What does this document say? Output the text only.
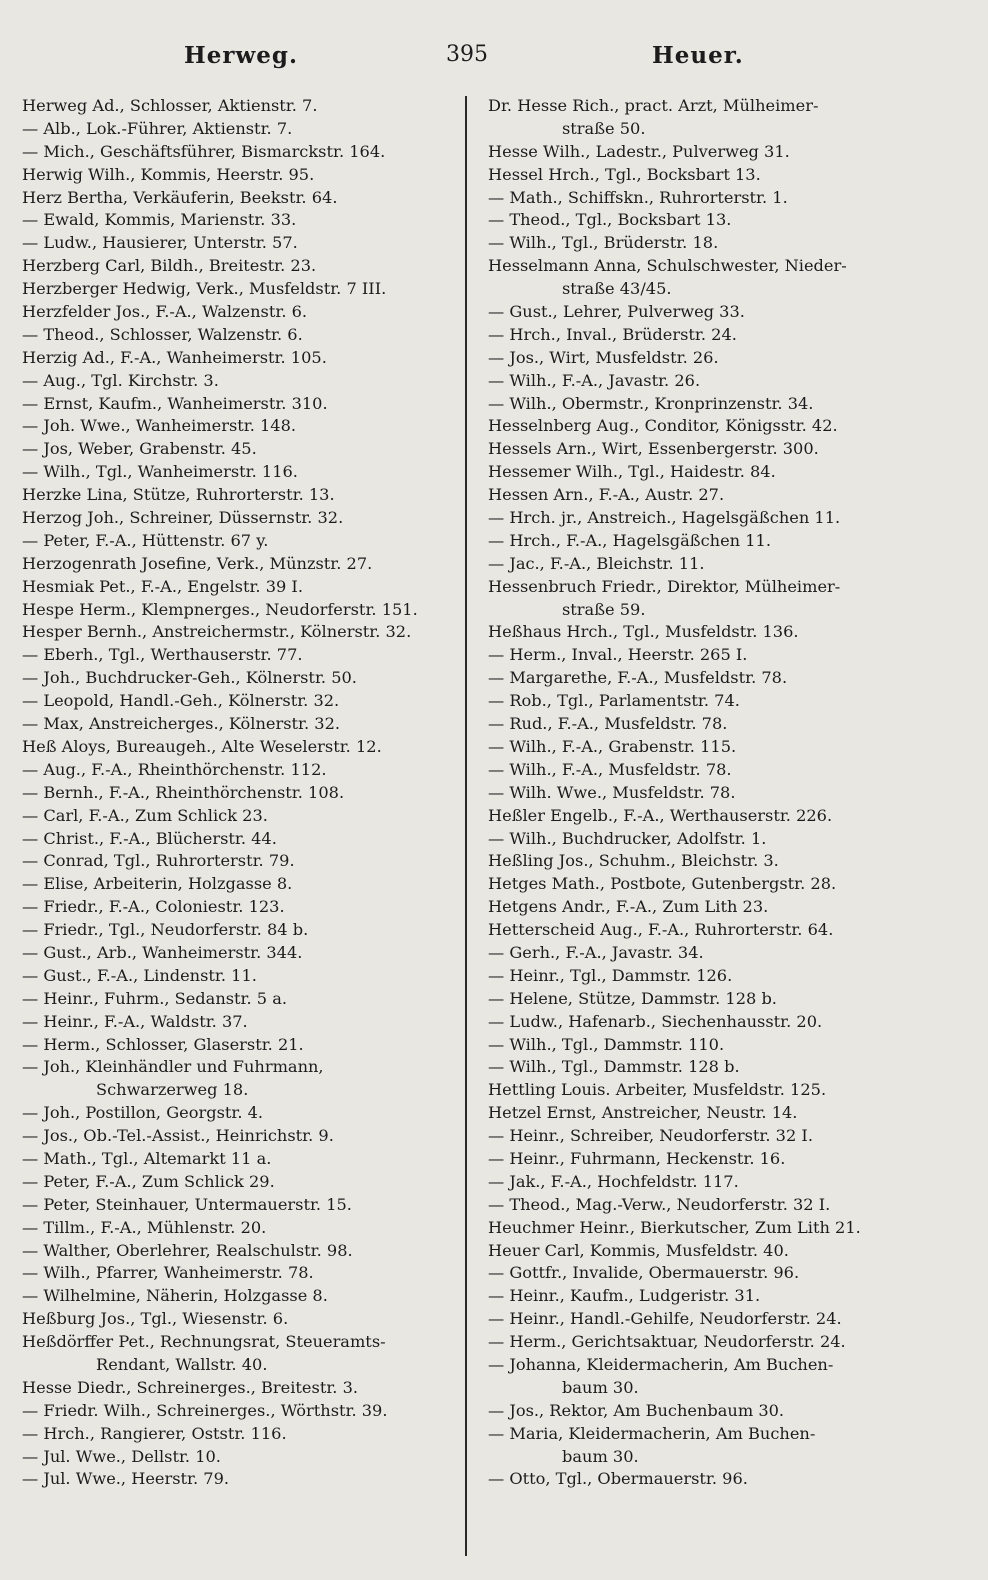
Herweg.	395	Heuer.
Herweg Ad., Schlosser, Aktienstr. 7.
— Alb., Lok.-Führer, Aktienstr. 7.
— Mich., Geschäftsführer, Bismarckstr. 164.
Herwig Wilh., Kommis, Heerstr. 95.
Herz Bertha, Verkäuferin, Beekstr. 64.
— Ewald, Kommis, Marienstr. 33.
— Ludw., Hausierer, Unterstr. 57.
Herzberg Carl, Bildh., Breitestr. 23.
Herzberger Hedwig, Verk., Musfeldstr. 7 III.
Herzfelder Jos., F.-A., Walzenstr. 6.
— Theod., Schlosser, Walzenstr. 6.
Herzig Ad., F.-A., Wanheimerstr. 105.
— Aug., Tgl. Kirchstr. 3.
— Ernst, Kaufm., Wanheimerstr. 310.
— Joh. Wwe., Wanheimerstr. 148.
— Jos, Weber, Grabenstr. 45.
— Wilh., Tgl., Wanheimerstr. 116.
Herzke Lina, Stütze, Ruhrorterstr. 13.
Herzog Joh., Schreiner, Düssernstr. 32.
— Peter, F.-A., Hüttenstr. 67 y.
Herzogenrath Josefine, Verk., Münzstr. 27.
Hesmiak Pet., F.-A., Engelstr. 39 I.
Hespe Herm., Klempnerges., Neudorferstr. 151.
Hesper Bernh., Anstreichermstr., Kölnerstr. 32.
— Eberh., Tgl., Werthauserstr. 77.
— Joh., Buchdrucker-Geh., Kölnerstr. 50.
— Leopold, Handl.-Geh., Kölnerstr. 32.
— Max, Anstreicherges., Kölnerstr. 32.
Heß Aloys, Bureaugeh., Alte Weselerstr. 12.
— Aug., F.-A., Rheinthörchenstr. 112.
— Bernh., F.-A., Rheinthörchenstr. 108.
— Carl, F.-A., Zum Schlick 23.
— Christ., F.-A., Blücherstr. 44.
— Conrad, Tgl., Ruhrorterstr. 79.
— Elise, Arbeiterin, Holzgasse 8.
— Friedr., F.-A., Coloniestr. 123.
— Friedr., Tgl., Neudorferstr. 84 b.
— Gust., Arb., Wanheimerstr. 344.
— Gust., F.-A., Lindenstr. 11.
— Heinr., Fuhrm., Sedanstr. 5 a.
— Heinr., F.-A., Waldstr. 37.
— Herm., Schlosser, Glaserstr. 21.
— Joh., Kleinhändler und Fuhrmann,
Schwarzerweg 18.
— Joh., Postillon, Georgstr. 4.
— Jos., Ob.-Tel.-Assist., Heinrichstr. 9.
— Math., Tgl., Altemarkt 11 a.
— Peter, F.-A., Zum Schlick 29.
— Peter, Steinhauer, Untermauerstr. 15.
— Tillm., F.-A., Mühlenstr. 20.
— Walther, Oberlehrer, Realschulstr. 98.
— Wilh., Pfarrer, Wanheimerstr. 78.
— Wilhelmine, Näherin, Holzgasse 8.
Heßburg Jos., Tgl., Wiesenstr. 6.
Heßdörffer Pet., Rechnungsrat, Steueramts-
Rendant, Wallstr. 40.
Hesse Diedr., Schreinerges., Breitestr. 3.
— Friedr. Wilh., Schreinerges., Wörthstr. 39.
— Hrch., Rangierer, Oststr. 116.
— Jul. Wwe., Dellstr. 10.
— Jul. Wwe., Heerstr. 79.
Dr. Hesse Rich., pract. Arzt, Mülheimer-
straße 50.
Hesse Wilh., Ladestr., Pulverweg 31.
Hessel Hrch., Tgl., Bocksbart 13.
— Math., Schiffskn., Ruhrorterstr. 1.
— Theod., Tgl., Bocksbart 13.
— Wilh., Tgl., Brüderstr. 18.
Hesselmann Anna, Schulschwester, Nieder-
straße 43/45.
— Gust., Lehrer, Pulverweg 33.
— Hrch., Inval., Brüderstr. 24.
— Jos., Wirt, Musfeldstr. 26.
— Wilh., F.-A., Javastr. 26.
— Wilh., Obermstr., Kronprinzenstr. 34.
Hesselnberg Aug., Conditor, Königsstr. 42.
Hessels Arn., Wirt, Essenbergerstr. 300.
Hessemer Wilh., Tgl., Haidestr. 84.
Hessen Arn., F.-A., Austr. 27.
— Hrch. jr., Anstreich., Hagelsgäßchen 11.
— Hrch., F.-A., Hagelsgäßchen 11.
— Jac., F.-A., Bleichstr. 11.
Hessenbruch Friedr., Direktor, Mülheimer-
straße 59.
Heßhaus Hrch., Tgl., Musfeldstr. 136.
— Herm., Inval., Heerstr. 265 I.
— Margarethe, F.-A., Musfeldstr. 78.
— Rob., Tgl., Parlamentstr. 74.
— Rud., F.-A., Musfeldstr. 78.
— Wilh., F.-A., Grabenstr. 115.
— Wilh., F.-A., Musfeldstr. 78.
— Wilh. Wwe., Musfeldstr. 78.
Heßler Engelb., F.-A., Werthauserstr. 226.
— Wilh., Buchdrucker, Adolfstr. 1.
Heßling Jos., Schuhm., Bleichstr. 3.
Hetges Math., Postbote, Gutenbergstr. 28.
Hetgens Andr., F.-A., Zum Lith 23.
Hetterscheid Aug., F.-A., Ruhrorterstr. 64.
— Gerh., F.-A., Javastr. 34.
— Heinr., Tgl., Dammstr. 126.
— Helene, Stütze, Dammstr. 128 b.
— Ludw., Hafenarb., Siechenhausstr. 20.
— Wilh., Tgl., Dammstr. 110.
— Wilh., Tgl., Dammstr. 128 b.
Hettling Louis. Arbeiter, Musfeldstr. 125.
Hetzel Ernst, Anstreicher, Neustr. 14.
— Heinr., Schreiber, Neudorferstr. 32 I.
— Heinr., Fuhrmann, Heckenstr. 16.
— Jak., F.-A., Hochfeldstr. 117.
— Theod., Mag.-Verw., Neudorferstr. 32 I.
Heuchmer Heinr., Bierkutscher, Zum Lith 21.
Heuer Carl, Kommis, Musfeldstr. 40.
— Gottfr., Invalide, Obermauerstr. 96.
— Heinr., Kaufm., Ludgeristr. 31.
— Heinr., Handl.-Gehilfe, Neudorferstr. 24.
— Herm., Gerichtsaktuar, Neudorferstr. 24.
— Johanna, Kleidermacherin, Am Buchen-
baum 30.
— Jos., Rektor, Am Buchenbaum 30.
— Maria, Kleidermacherin, Am Buchen-
baum 30.
— Otto, Tgl., Obermauerstr. 96.
